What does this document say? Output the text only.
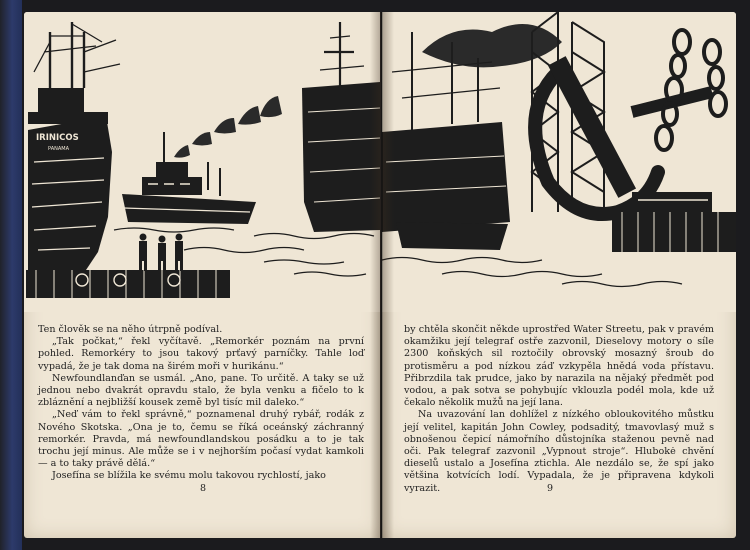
IRINICOS
PANAMA

Ten člověk se na něho útrpně podíval.

„Tak počkat,“ řekl vyčítavě. „Remorkér poznám na první pohled. Remorkéry to jsou takový prťavý parníčky. Tahle loď vypadá, že je tak doma na širém moři v hurikánu.“

Newfoundlanďan se usmál. „Ano, pane. To určitě. A taky se už jednou nebo dvakrát opravdu stalo, že byla venku a fičelo to k zbláznění a nejbližší kousek země byl tisíc mil daleko.“

„Neď vám to řekl správně,“ poznamenal druhý rybář, rodák z Nového Skotska. „Ona je to, čemu se říká oceánský záchranný remorkér. Pravda, má newfoundlandskou posádku a to je tak trochu její minus. Ale může se i v nejhorším počasí vydat kamkoli — a to taky právě dělá.“

Josefína se blížila ke svému molu takovou rychlostí, jako

8

by chtěla skončit někde uprostřed Water Streetu, pak v pravém okamžiku její telegraf ostře zazvonil, Dieselovy motory o síle 2300 koňských sil roztočily obrovský mosazný šroub do protisměru a pod nízkou záď vzkypěla hnědá voda přístavu. Přibrzdila tak prudce, jako by narazila na nějaký předmět pod vodou, a pak sotva se pohybujíc vklouzla podél mola, kde už čekalo několik mužů na její lana.

Na uvazování lan dohlížel z nízkého obloukovitého můstku její velitel, kapitán John Cowley, podsaditý, tmavovlasý muž s obnošenou čepicí námořního důstojníka staženou pevně nad oči. Pak telegraf zazvonil „Vypnout stroje“. Hlubokė chvění dieselů ustalo a Josefína ztichla. Ale nezdálo se, že spí jako většina kotvících lodí. Vypadala, že je připravena kdykoli vyrazit.	9
